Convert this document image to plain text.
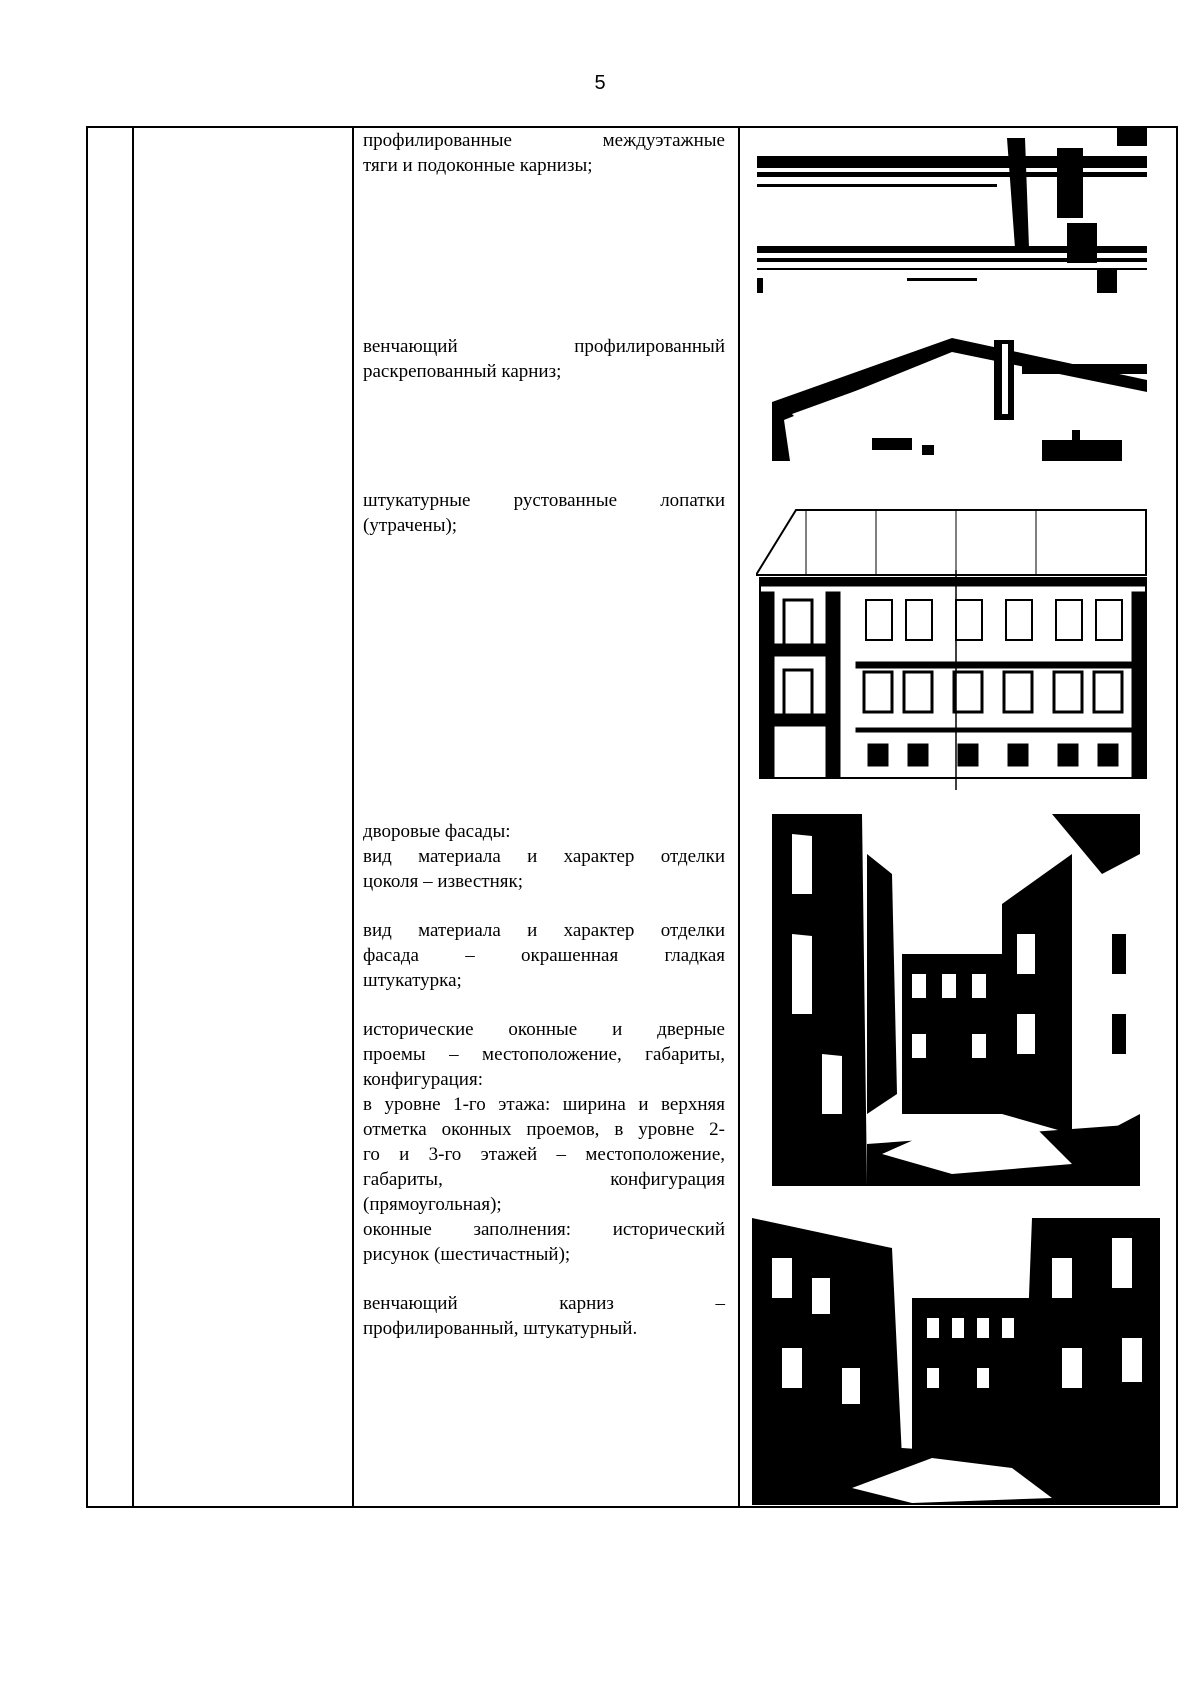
5

профилированные междуэтажные

тяги и подоконные карнизы;

венчающий профилированный

раскрепованный карниз;

штукатурные рустованные лопатки

(утрачены);

дворовые фасады:

вид материала и характер отделки

цоколя – известняк;

вид материала и характер отделки

фасада – окрашенная гладкая

штукатурка;

исторические оконные и дверные

проемы – местоположение, габариты,

конфигурация:

в уровне 1-го этажа: ширина и верхняя

отметка оконных проемов, в уровне 2-

го и 3-го этажей – местоположение,

габариты, конфигурация

(прямоугольная);

оконные заполнения: исторический

рисунок (шестичастный);

венчающий карниз –

профилированный, штукатурный.
